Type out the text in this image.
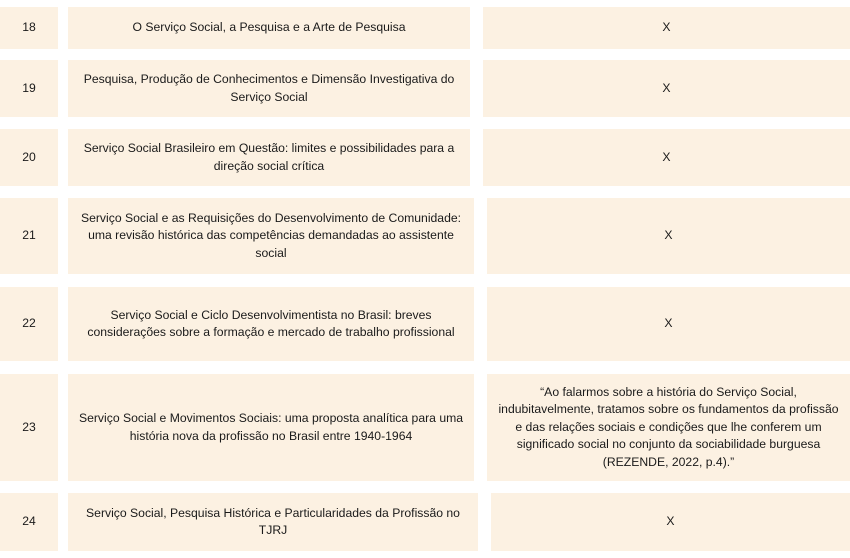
18	O Serviço Social, a Pesquisa e a Arte de Pesquisa	X
19
Pesquisa, Produção de Conhecimentos e Dimensão Investigativa do Serviço Social
X
20
Serviço Social Brasileiro em Questão: limites e possibilidades para a direção social crítica
X
21
Serviço Social e as Requisições do Desenvolvimento de Comunidade: uma revisão histórica das competências demandadas ao assistente social
X
22
Serviço Social e Ciclo Desenvolvimentista no Brasil: breves considerações sobre a formação e mercado de trabalho profissional
X
23
Serviço Social e Movimentos Sociais: uma proposta analítica para uma história nova da profissão no Brasil entre 1940-1964
“Ao falarmos sobre a história do Serviço Social, indubitavelmente, tratamos sobre os fundamentos da profissão e das relações sociais e condições que lhe conferem um significado social no conjunto da sociabilidade burguesa (REZENDE, 2022, p.4).”
24
Serviço Social, Pesquisa Histórica e Particularidades da Profissão no TJRJ
X
